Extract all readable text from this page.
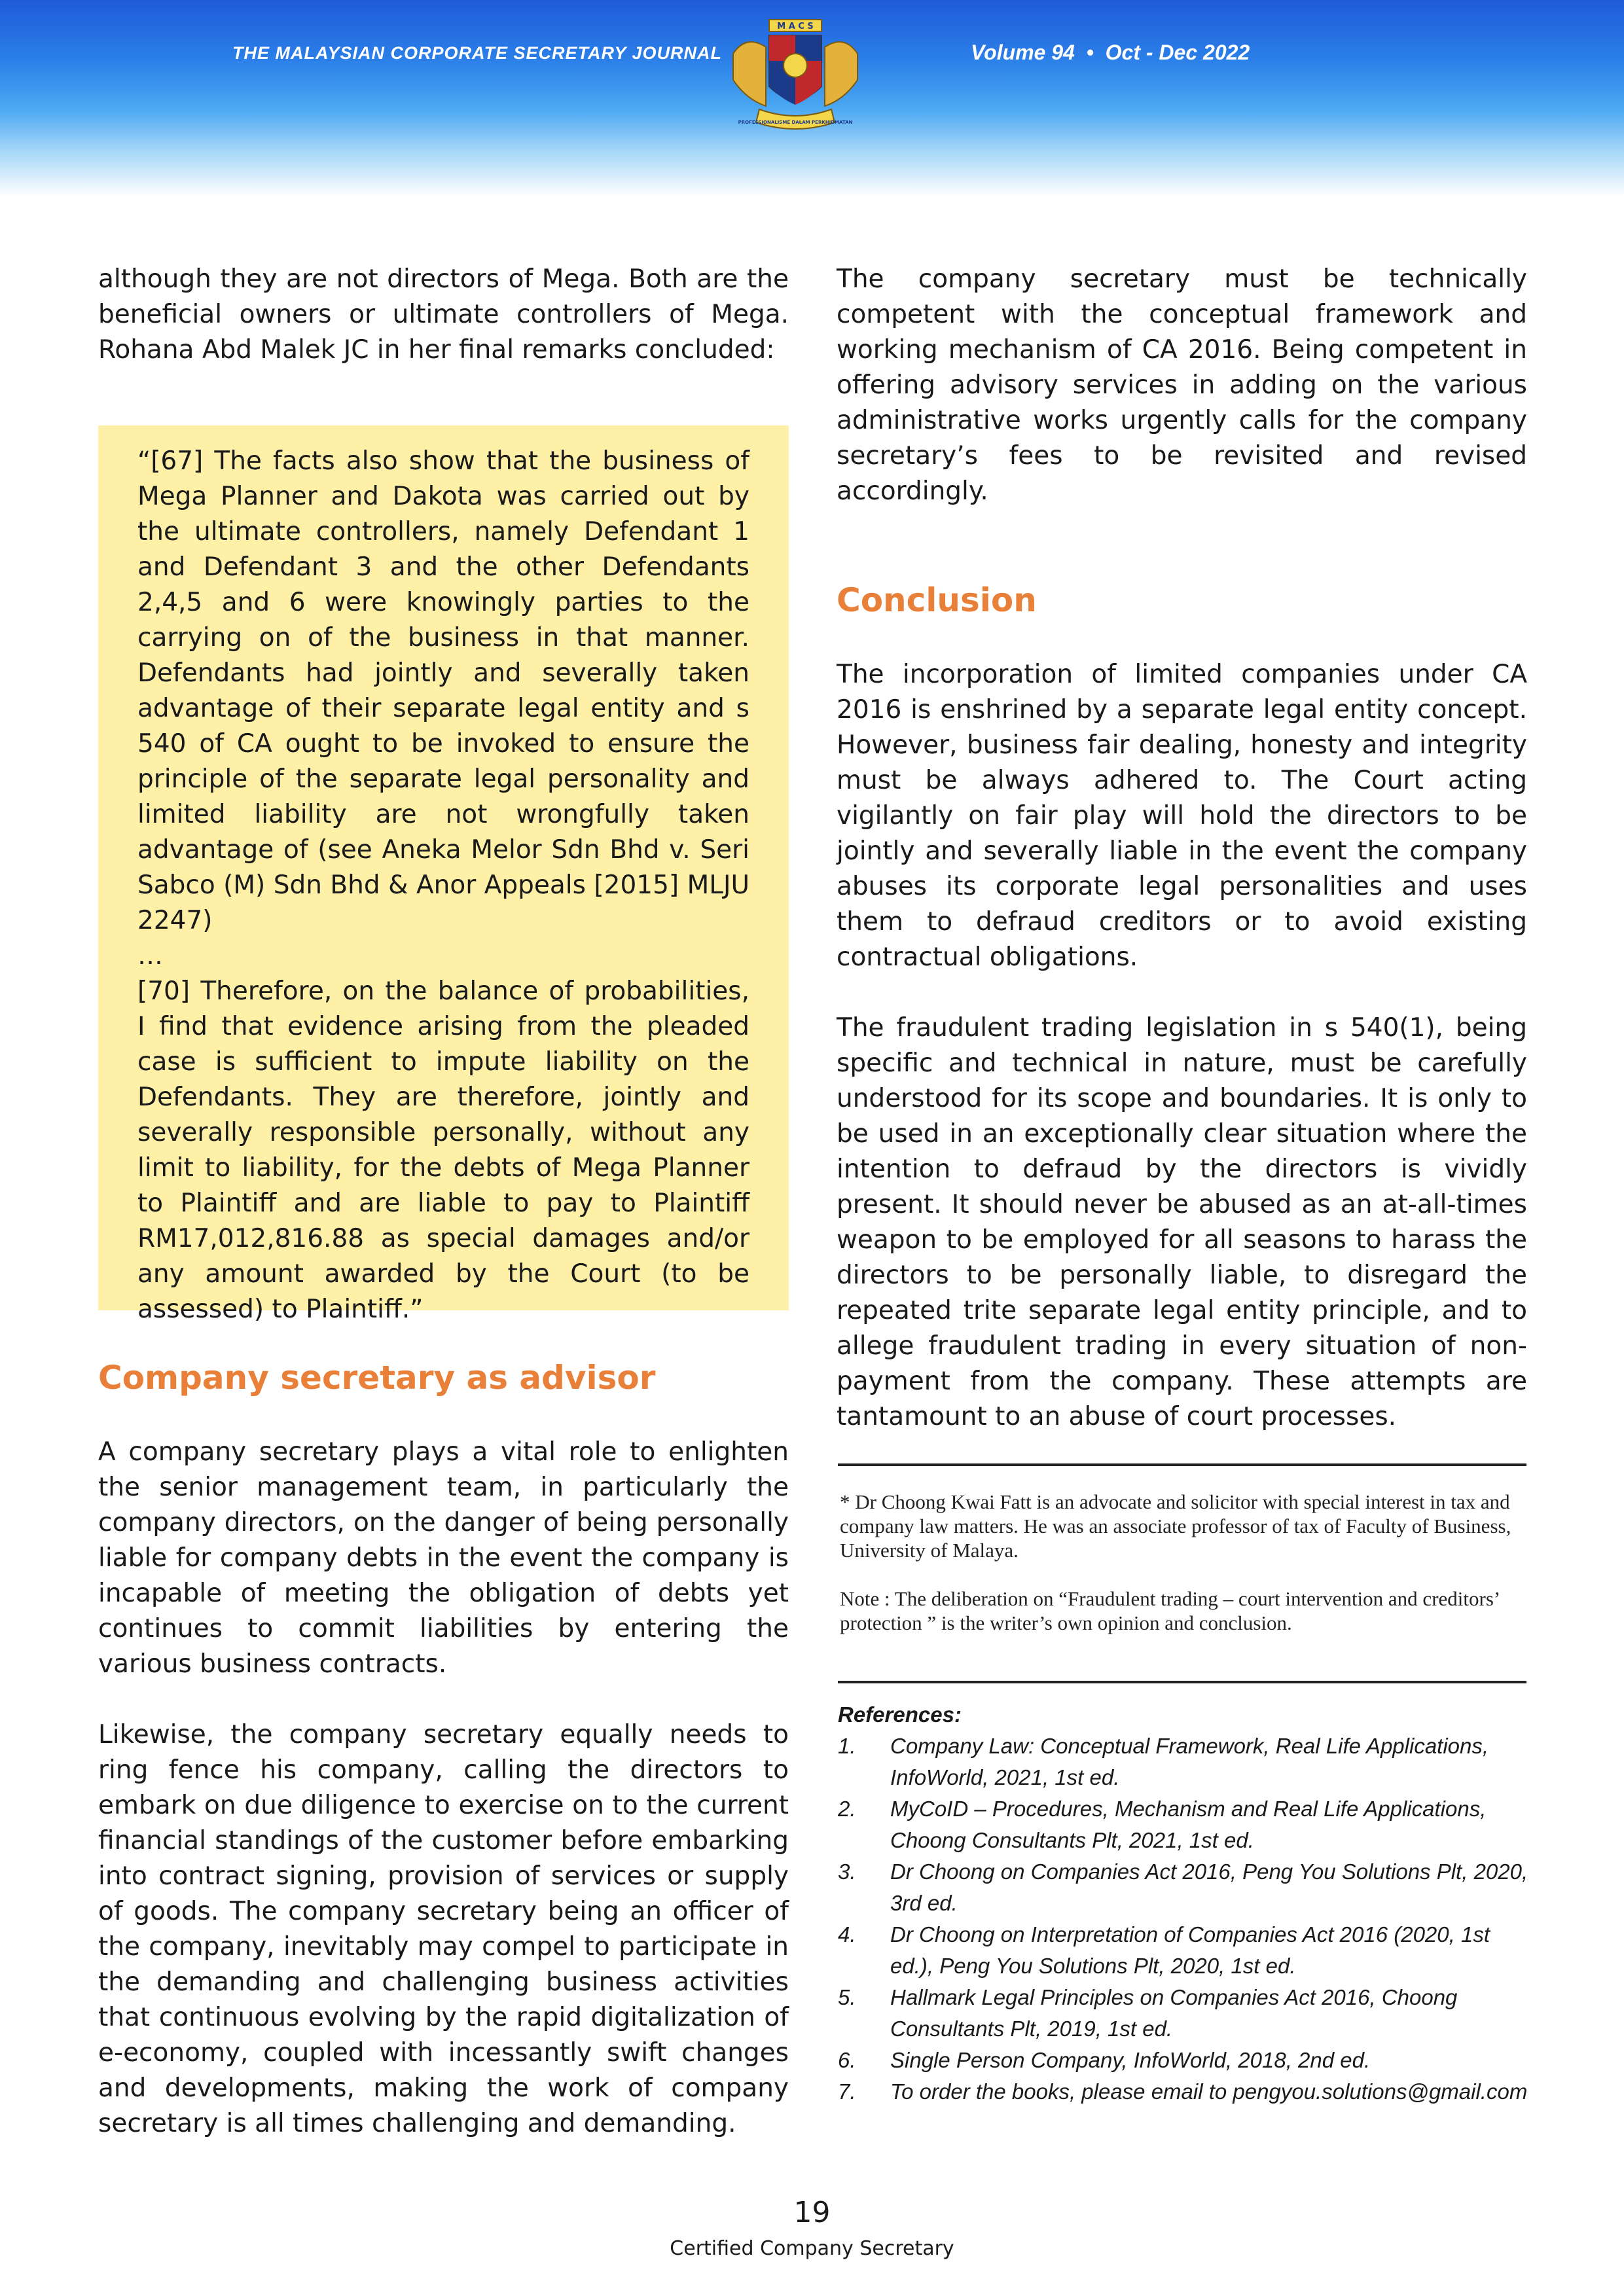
THE MALAYSIAN CORPORATE SECRETARY JOURNAL	Volume 94  •  Oct - Dec 2022
M A C S
PROFESSIONALISME DALAM PERKHIDMATAN

although they are not directors of Mega. Both are the beneficial owners or ultimate controllers of Mega. Rohana Abd Malek JC in her final remarks concluded:

“[67] The facts also show that the business of Mega Planner and Dakota was carried out by the ultimate controllers, namely Defendant 1 and Defendant 3 and the other Defendants 2,4,5 and 6 were knowingly parties to the carrying on of the business in that manner. Defendants had jointly and severally taken advantage of their separate legal entity and s 540 of CA ought to be invoked to ensure the principle of the separate legal personality and limited liability are not wrongfully taken advantage of (see Aneka Melor Sdn Bhd v. Seri Sabco (M) Sdn Bhd & Anor Appeals [2015] MLJU 2247)

…

[70] Therefore, on the balance of probabilities, I find that evidence arising from the pleaded case is sufficient to impute liability on the Defendants. They are therefore, jointly and severally responsible personally, without any limit to liability, for the debts of Mega Planner to Plaintiff and are liable to pay to Plaintiff RM17,012,816.88 as special damages and/or any amount awarded by the Court (to be assessed) to Plaintiff.”

Company secretary as advisor

A company secretary plays a vital role to enlighten the senior management team, in particularly the company directors, on the danger of being personally liable for company debts in the event the company is incapable of meeting the obligation of debts yet continues to commit liabilities by entering the various business contracts.

Likewise, the company secretary equally needs to ring fence his company, calling the directors to embark on due diligence to exercise on to the current financial standings of the customer before embarking into contract signing, provision of services or supply of goods. The company secretary being an officer of the company, inevitably may compel to participate in the demanding and challenging business activities that continuous evolving by the rapid digitalization of e-economy, coupled with incessantly swift changes and developments, making the work of company secretary is all times challenging and demanding.

The company secretary must be technically competent with the conceptual framework and working mechanism of CA 2016. Being competent in offering advisory services in adding on the various administrative works urgently calls for the company secretary’s fees to be revisited and revised accordingly.

Conclusion

The incorporation of limited companies under CA 2016 is enshrined by a separate legal entity concept. However, business fair dealing, honesty and integrity must be always adhered to. The Court acting vigilantly on fair play will hold the directors to be jointly and severally liable in the event the company abuses its corporate legal personalities and uses them to defraud creditors or to avoid existing contractual obligations.

The fraudulent trading legislation in s 540(1), being specific and technical in nature, must be carefully understood for its scope and boundaries. It is only to be used in an exceptionally clear situation where the intention to defraud by the directors is vividly present. It should never be abused as an at-all-times weapon to be employed for all seasons to harass the directors to be personally liable, to disregard the repeated trite separate legal entity principle, and to allege fraudulent trading in every situation of non-payment from the company. These attempts are tantamount to an abuse of court processes.

* Dr Choong Kwai Fatt is an advocate and solicitor with special interest in tax and company law matters. He was an associate professor of tax of Faculty of Business, University of Malaya.
Note : The deliberation on “Fraudulent trading – court intervention and creditors’ protection ” is the writer’s own opinion and conclusion.
References:
1.	Company Law: Conceptual Framework, Real Life Applications, InfoWorld, 2021, 1st ed.
2.	MyCoID – Procedures, Mechanism and Real Life Applications, Choong Consultants Plt, 2021, 1st ed.
3.	Dr Choong on Companies Act 2016, Peng You Solutions Plt, 2020, 3rd ed.
4.	Dr Choong on Interpretation of Companies Act 2016 (2020, 1st ed.), Peng You Solutions Plt, 2020, 1st ed.
5.	Hallmark Legal Principles on Companies Act 2016, Choong Consultants Plt, 2019, 1st ed.
6.	Single Person Company, InfoWorld, 2018, 2nd ed.
7.	To order the books, please email to pengyou.solutions@gmail.com
19
Certified Company Secretary
